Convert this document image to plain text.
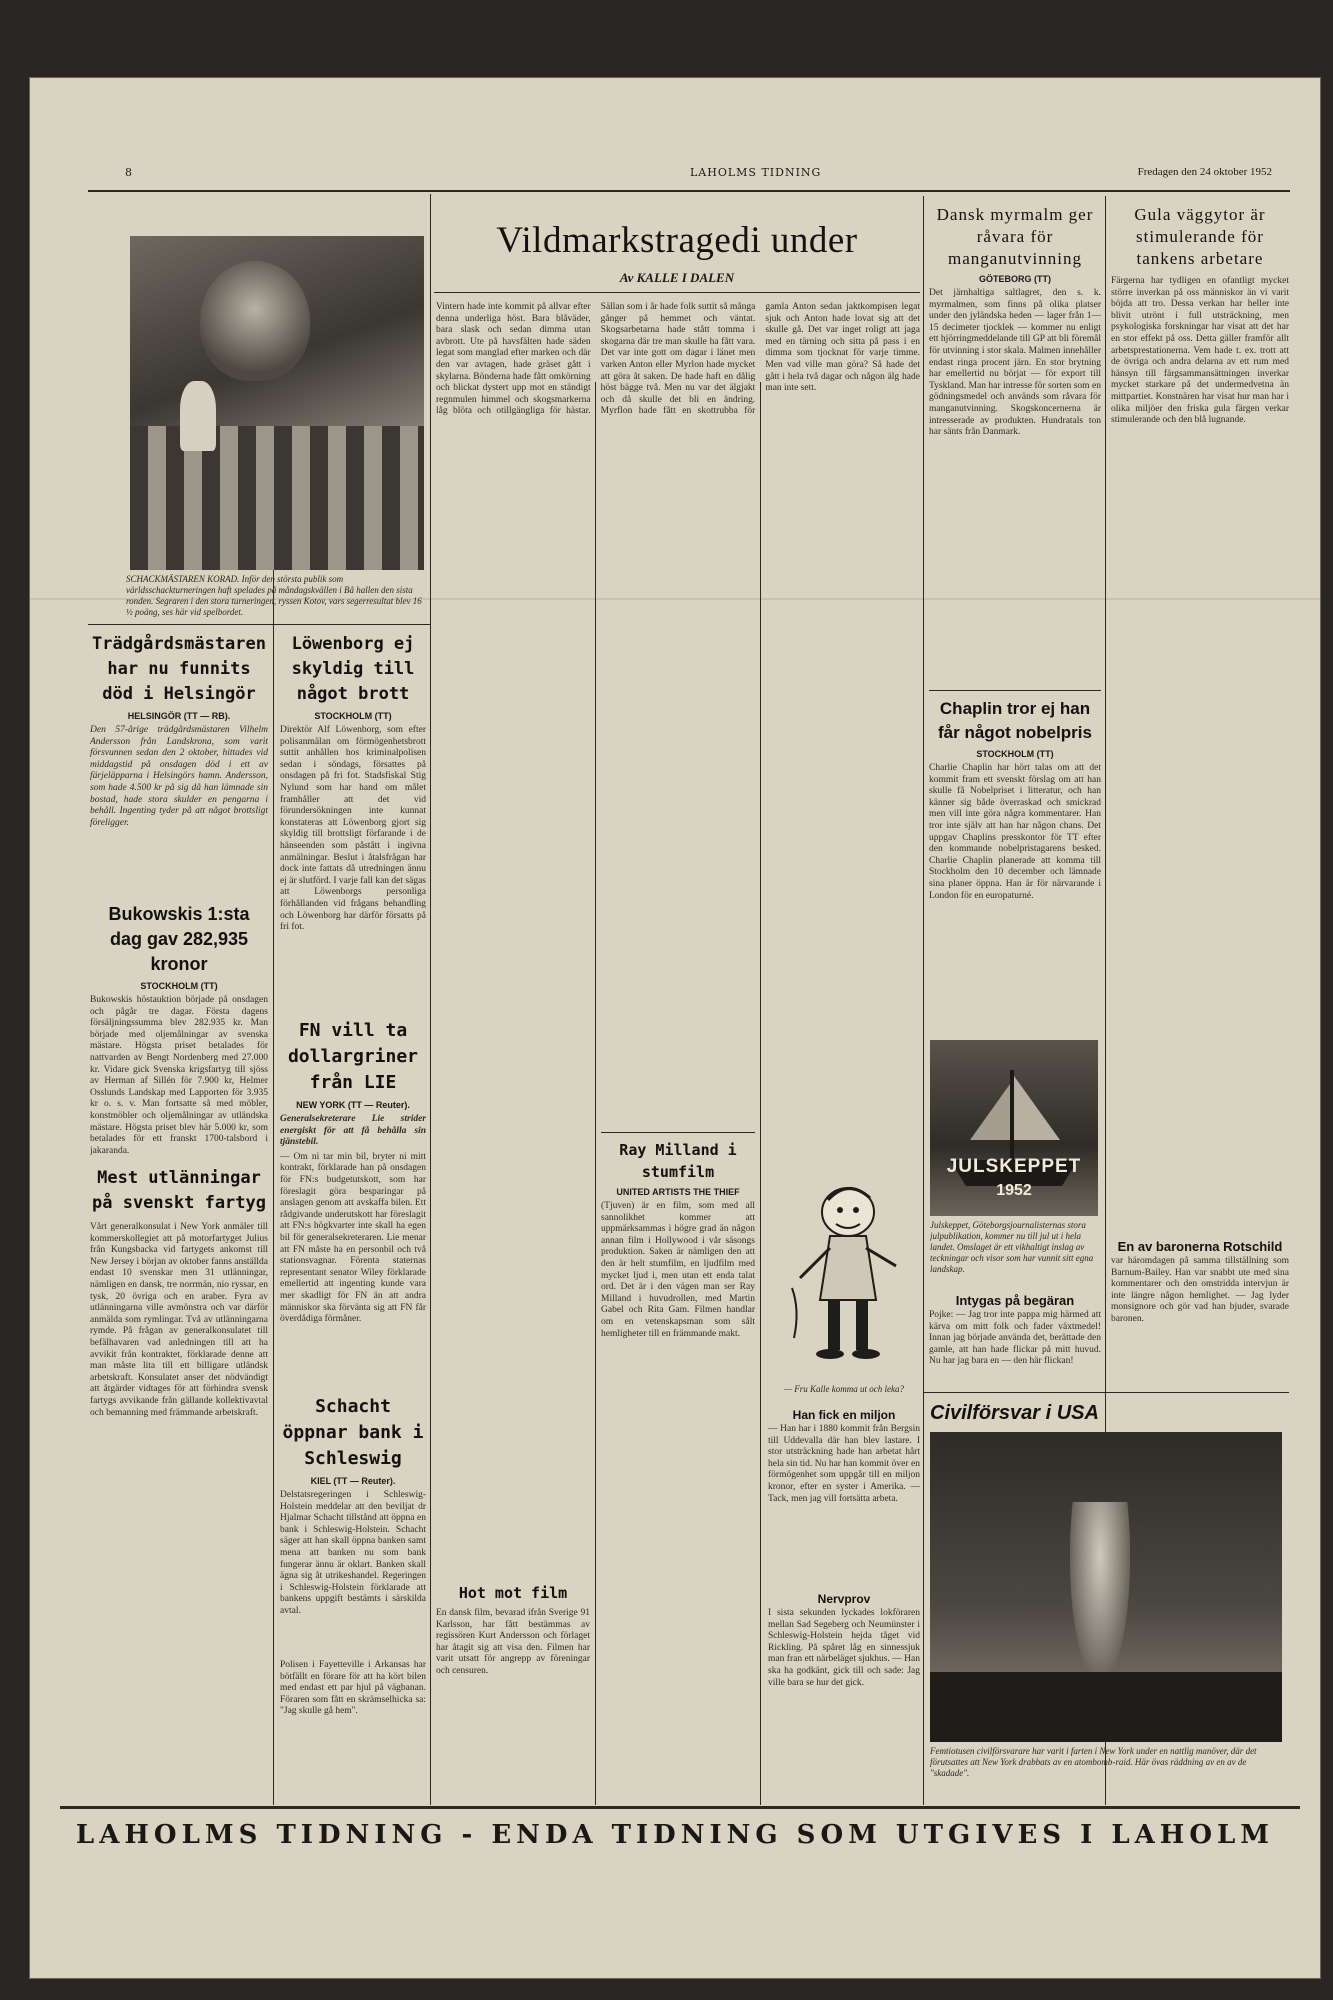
8	LAHOLMS TIDNING	Fredagen den 24 oktober 1952
SCHACKMÄSTAREN KORAD. Inför den största publik som världsschackturneringen haft spelades på måndagskvällen i Bå hallen den sista ronden. Segraren i den stora turneringen, ryssen Kotov, vars segerresultat blev 16 ½ poäng, ses här vid spelbordet.
Trädgårdsmästaren har nu funnits död i Helsingör
HELSINGÖR (TT — RB).
Den 57-årige trädgårdsmästaren Vilhelm Andersson från Landskrona, som varit försvunnen sedan den 2 oktober, hittades vid middagstid på onsdagen död i ett av färjeläpparna i Helsingörs hamn. Andersson, som hade 4.500 kr på sig då han lämnade sin bostad, hade stora skulder en pengarna i behåll. Ingenting tyder på att något brottsligt föreligger.
Bukowskis 1:sta dag gav 282,935 kronor
STOCKHOLM (TT)
Bukowskis höstauktion började på onsdagen och pågår tre dagar. Första dagens försäljningssumma blev 282.935 kr. Man började med oljemålningar av svenska mästare. Högsta priset betalades för nattvarden av Bengt Nordenberg med 27.000 kr. Vidare gick Svenska krigsfartyg till sjöss av Herman af Sillén för 7.900 kr, Helmer Osslunds Landskap med Lapporten för 3.935 kr o. s. v. Man fortsatte så med möbler, konstmöbler och oljemålningar av utländska mästare. Högsta priset blev här 5.000 kr, som betalades för ett franskt 1700-talsbord i jakaranda.
Mest utlänningar på svenskt fartyg
Vårt generalkonsulat i New York anmäler till kommerskollegiet att på motorfartyget Julius från Kungsbacka vid fartygets ankomst till New Jersey i början av oktober fanns anställda endast 10 svenskar men 31 utlänningar, nämligen en dansk, tre norrmän, nio ryssar, en tysk, 20 övriga och en araber. Fyra av utlänningarna ville avmönstra och var därför anmälda som rymlingar. Två av utlänningarna rymde. På frågan av generalkonsulatet till befälhavaren vad anledningen till att ha avvikit från kontraktet, förklarade denne att man måste lita till ett billigare utländsk arbetskraft. Konsulatet anser det nödvändigt att åtgärder vidtages för att förhindra svensk fartygs avvikande från gällande kollektivavtal och bemanning med främmande arbetskraft.
Löwenborg ej skyldig till något brott
STOCKHOLM (TT)
Direktör Alf Löwenborg, som efter polisanmälan om förmögenhetsbrott suttit anhållen hos kriminalpolisen sedan i söndags, försattes på onsdagen på fri fot. Stadsfiskal Stig Nylund som har hand om målet framhåller att det vid förundersökningen inte kunnat konstateras att Löwenborg gjort sig skyldig till brottsligt förfarande i de hänseenden som påstått i ingivna anmälningar. Beslut i åtalsfrågan har dock inte fattats då utredningen ännu ej är slutförd. I varje fall kan det sägas att Löwenborgs personliga förhållanden vid frågans behandling och Löwenborg har därför försatts på fri fot.
FN vill ta dollargriner från LIE
NEW YORK (TT — Reuter).
Generalsekreterare Lie strider energiskt för att få behålla sin tjänstebil.
— Om ni tar min bil, bryter ni mitt kontrakt, förklarade han på onsdagen för FN:s budgetutskott, som har föreslagit göra besparingar på anslagen genom att avskaffa bilen. Ett rådgivande underutskott har föreslagit att FN:s högkvarter inte skall ha egen bil för generalsekreteraren. Lie menar att FN måste ha en personbil och två stationsvagnar. Förenta staternas representant senator Wiley förklarade emellertid att ingenting kunde vara mer skadligt för FN än att andra människor ska förvänta sig att FN får överdådiga förmåner.
Schacht öppnar bank i Schleswig
KIEL (TT — Reuter).
Delstatsregeringen i Schleswig-Holstein meddelar att den beviljat dr Hjalmar Schacht tillstånd att öppna en bank i Schleswig-Holstein. Schacht säger att han skall öppna banken samt mena att banken nu som bank fungerar ännu är oklart. Banken skall ägna sig åt utrikeshandel. Regeringen i Schleswig-Holstein förklarade att bankens uppgift bestämts i särskilda avtal.
Polisen i Fayetteville i Arkansas har bötfällt en förare för att ha kört bilen med endast ett par hjul på vägbanan. Föraren som fått en skrämselhicka sa: "Jag skulle gå hem".
Vildmarkstragedi under
Av KALLE I DALEN
Vintern hade inte kommit på allvar efter denna underliga höst. Bara blåväder, bara slask och sedan dimma utan avbrott. Ute på havsfälten hade säden legat som manglad efter marken och där den var avtagen, hade gräset gått i skylarna. Bönderna hade fått omkörning och blickat dystert upp mot en ständigt regnmulen himmel och skogsmarkerna låg blöta och otillgängliga för hästar. Sällan som i år hade folk suttit så många gånger på hemmet och väntat. Skogsarbetarna hade stått tomma i skogarna där tre man skulle ha fått vara. Det var inte gott om dagar i länet men varken Anton eller Myrlon hade mycket att göra åt saken. De hade haft en dålig höst bägge två. Men nu var det älgjakt och då skulle det bli en ändring. Myrflon hade fått en skottrubba för gamla Anton sedan jaktkompisen legat sjuk och Anton hade lovat sig att det skulle gå. Det var inget roligt att jaga med en tärning och sitta på pass i en dimma som tjocknat för varje timme. Men vad ville man göra? Så hade det gått i hela två dagar och någon älg hade man inte sett.
Hot mot film
En dansk film, bevarad ifrån Sverige 91 Karlsson, har fått bestämmas av regissören Kurt Andersson och förlaget har åtagit sig att visa den. Filmen har varit utsatt för angrepp av föreningar och censuren.
Ray Milland i stumfilm
UNITED ARTISTS THE THIEF
(Tjuven) är en film, som med all sannolikhet kommer att uppmärksammas i högre grad än någon annan film i Hollywood i vår säsongs produktion. Saken är nämligen den att den är helt stumfilm, en ljudfilm med mycket ljud i, men utan ett enda talat ord. Det är i den vägen man ser Ray Milland i huvudrollen, med Martin Gabel och Rita Gam. Filmen handlar om en vetenskapsman som sålt hemligheter till en främmande makt.
— Fru Kalle komma ut och leka?
Han fick en miljon
— Han har i 1880 kommit från Bergsin till Uddevalla där han blev lastare. I stor utsträckning hade han arbetat hårt hela sin tid. Nu har han kommit över en förmögenhet som uppgår till en miljon kronor, efter en syster i Amerika. — Tack, men jag vill fortsätta arbeta.
Nervprov
I sista sekunden lyckades lokföraren mellan Sad Segeberg och Neumünster i Schleswig-Holstein hejda tåget vid Rickling. På spåret låg en sinnessjuk man fran ett närbeläget sjukhus. — Han ska ha godkänt, gick till och sade: Jag ville bara se hur det gick.
Dansk myrmalm ger råvara för manganutvinning
GÖTEBORG (TT)
Det järnhaltiga saltlagret, den s. k. myrmalmen, som finns på olika platser under den jyländska heden — lager från 1—15 decimeter tjocklek — kommer nu enligt ett hjörringmeddelande till GP att bli föremål för utvinning i stor skala. Malmen innehåller endast ringa procent järn. En stor brytning har emellertid nu börjat — för export till Tyskland. Man har intresse för sorten som en gödningsmedel och används som råvara för manganutvinning. Skogskoncernerna är intresserade av produkten. Hundratals ton har sänts från Danmark.
Chaplin tror ej han får något nobelpris
STOCKHOLM (TT)
Charlie Chaplin har hört talas om att det kommit fram ett svenskt förslag om att han skulle få Nobelpriset i litteratur, och han känner sig både överraskad och smickrad men vill inte göra några kommentarer. Han tror inte själv att han har någon chans. Det uppgav Chaplins presskontor för TT efter den kommande nobelpristagarens besked. Charlie Chaplin planerade att komma till Stockholm den 10 december och lämnade sina planer öppna. Han är för närvarande i London för en europaturné.
JULSKEPPET
1952
Julskeppet, Göteborgsjournalisternas stora julpublikation, kommer nu till jul ut i hela landet. Omslaget är ett vikhaltigt inslag av teckningar och visor som har vunnit sitt egna landskap.
Intygas på begäran
Pojke: — Jag tror inte pappa mig härmed att kärva om mitt folk och fader växtmedel! Innan jag började använda det, berättade den gamle, att han hade flickar på mitt huvud. Nu har jag bara en — den här flickan!
Civilförsvar i USA
Femtiotusen civilförsvarare har varit i farten i New York under en nattlig manöver, där det förutsattes att New York drabbats av en atombomb-raid. Här övas räddning av en av de "skadade".
Gula väggytor är stimulerande för tankens arbetare
Färgerna har tydligen en ofantligt mycket större inverkan på oss människor än vi varit böjda att tro. Dessa verkan har heller inte blivit utrönt i full utsträckning, men psykologiska forskningar har visat att det har en stor effekt på oss. Detta gäller framför allt arbetsprestationerna. Vem hade t. ex. trott att de övriga och andra delarna av ett rum med hänsyn till färgsammansättningen inverkar mycket starkare på det undermedvetna än mittpartiet. Konstnären har visat hur man har i olika miljöer den friska gula färgen verkar stimulerande och den blå lugnande.
En av baronerna Rotschild
var häromdagen på samma tillställning som Barnum-Bailey. Han var snabbt ute med sina kommentarer och den omstridda intervjun är inte längre någon hemlighet. — Jag lyder monsignore och gör vad han bjuder, svarade baronen.
LAHOLMS TIDNING - ENDA TIDNING SOM UTGIVES I LAHOLM
